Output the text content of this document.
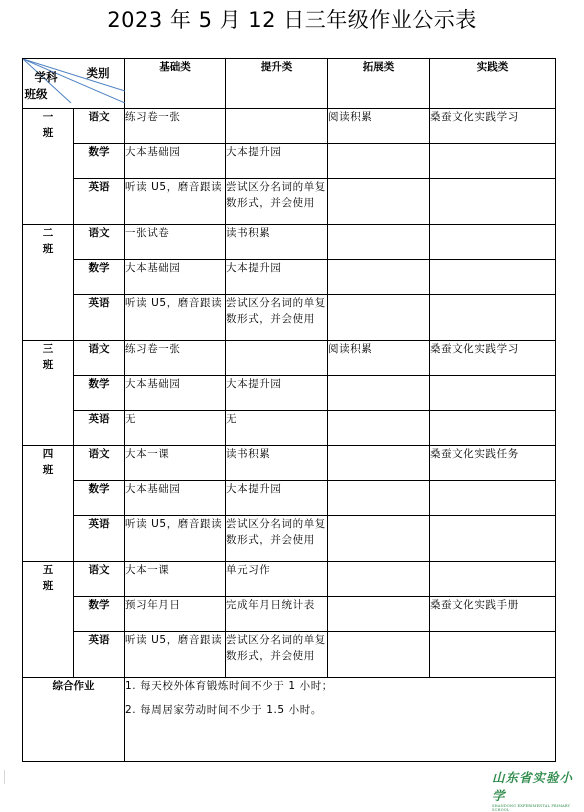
2023 年 5 月 12 日三年级作业公示表
类别
学科
班级		基础类	提升类	拓展类	实践类
一
班	语文	练习卷一张		阅读积累	桑蚕文化实践学习
	数学	大本基础园	大本提升园		
	英语	听读 U5，磨音跟读	尝试区分名词的单复数形式，并会使用		
二
班	语文	一张试卷	读书积累		
	数学	大本基础园	大本提升园		
	英语	听读 U5，磨音跟读	尝试区分名词的单复数形式，并会使用		
三
班	语文	练习卷一张		阅读积累	桑蚕文化实践学习
	数学	大本基础园	大本提升园		
	英语	无	无		
四
班	语文	大本一课	读书积累		桑蚕文化实践任务
	数学	大本基础园	大本提升园		
	英语	听读 U5，磨音跟读	尝试区分名词的单复数形式，并会使用		
五
班	语文	大本一课	单元习作		
	数学	预习年月日	完成年月日统计表		桑蚕文化实践手册
	英语	听读 U5，磨音跟读	尝试区分名词的单复数形式，并会使用		
综合作业		1. 每天校外体育锻炼时间不少于 1 小时；
2. 每周居家劳动时间不少于 1.5 小时。			
山东省实验小学
SHANDONG EXPERIMENTAL PRIMARY SCHOOL
